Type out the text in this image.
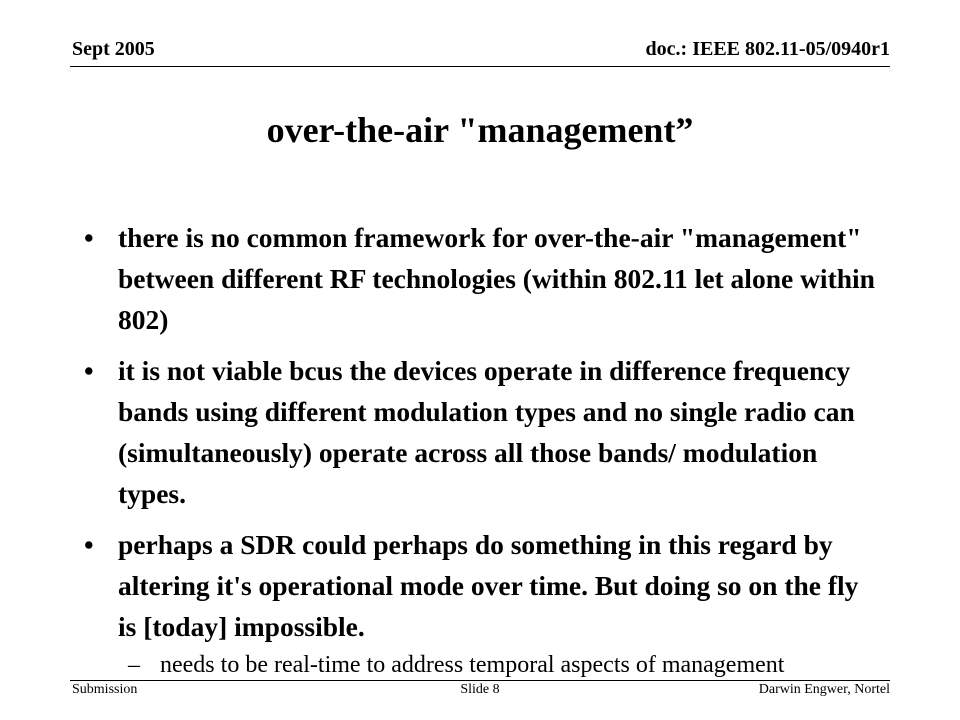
Sept 2005	doc.: IEEE 802.11-05/0940r1
over-the-air "management”
• there is no common framework for over-the-air "management" between different RF technologies (within 802.11 let alone within 802)
• it is not viable bcus the devices operate in difference frequency bands using different modulation types and no single radio can (simultaneously) operate across all those bands/ modulation types.
• perhaps a SDR could perhaps do something in this regard by altering it's operational mode over time. But doing so on the fly is [today] impossible.
– needs to be real-time to address temporal aspects of management
Submission	Slide 8	Darwin Engwer, Nortel
